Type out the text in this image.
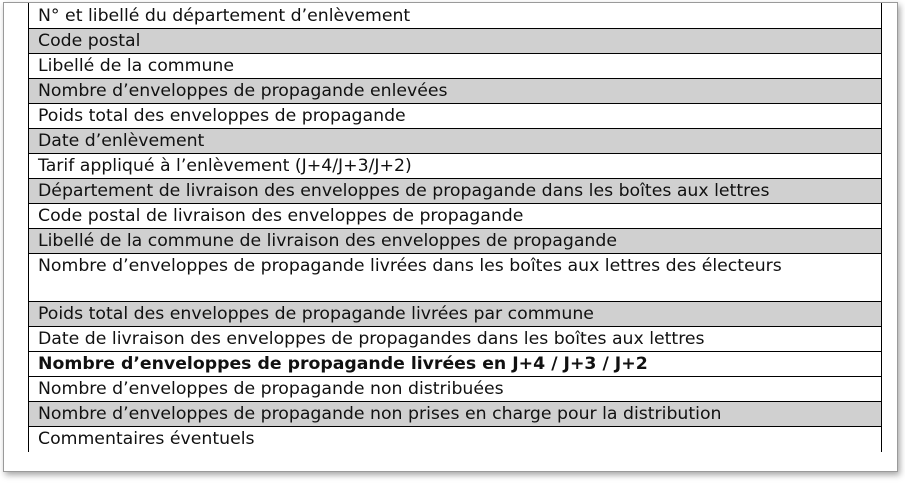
N° et libellé du département d’enlèvement
Code postal
Libellé de la commune
Nombre d’enveloppes de propagande enlevées
Poids total des enveloppes de propagande
Date d’enlèvement
Tarif appliqué à l’enlèvement (J+4/J+3/J+2)
Département de livraison des enveloppes de propagande dans les boîtes aux lettres
Code postal de livraison des enveloppes de propagande
Libellé de la commune de livraison des enveloppes de propagande
Nombre d’enveloppes de propagande livrées dans les boîtes aux lettres des électeurs
Poids total des enveloppes de propagande livrées par commune
Date de livraison des enveloppes de propagandes dans les boîtes aux lettres
Nombre d’enveloppes de propagande livrées en J+4 / J+3 / J+2
Nombre d’enveloppes de propagande non distribuées
Nombre d’enveloppes de propagande non prises en charge pour la distribution
Commentaires éventuels
